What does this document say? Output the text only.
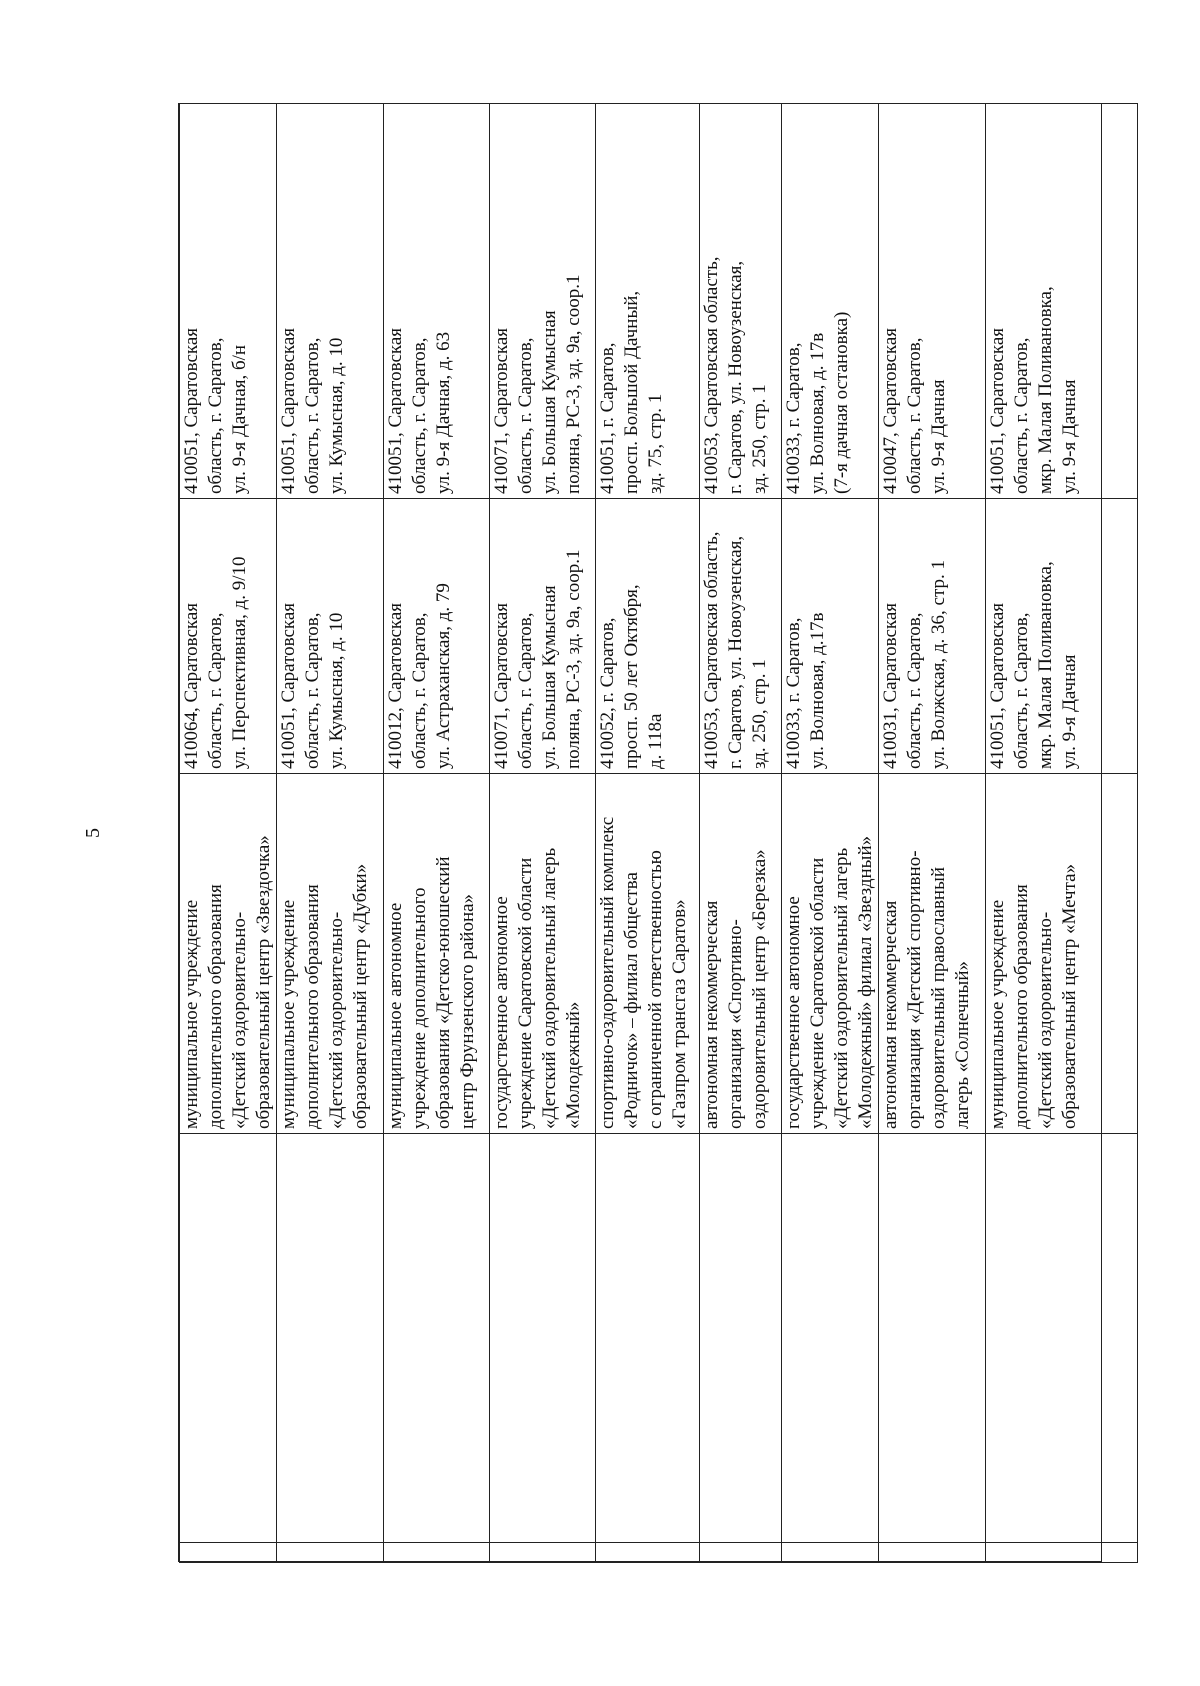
5
		муниципальное учреждение
дополнительного образования
«Детский оздоровительно-
образовательный центр «Звездочка»	410064, Саратовская
область, г. Саратов,
ул. Перспективная, д. 9/10	410051, Саратовская
область, г. Саратов,
ул. 9-я Дачная, б/н
		муниципальное учреждение
дополнительного образования
«Детский оздоровительно-
образовательный центр «Дубки»	410051, Саратовская
область, г. Саратов,
ул. Кумысная, д. 10	410051, Саратовская
область, г. Саратов,
ул. Кумысная, д. 10
		муниципальное автономное
учреждение дополнительного
образования «Детско-юношеский
центр Фрунзенского района»	410012, Саратовская
область, г. Саратов,
ул. Астраханская, д. 79	410051, Саратовская
область, г. Саратов,
ул. 9-я Дачная, д. 63
		государственное автономное
учреждение Саратовской области
«Детский оздоровительный лагерь
«Молодежный»	410071, Саратовская
область, г. Саратов,
ул. Большая Кумысная
поляна, РС-3, зд. 9а, соор.1	410071, Саратовская
область, г. Саратов,
ул. Большая Кумысная
поляна, РС-3, зд. 9а, соор.1
		спортивно-оздоровительный комплекс
«Родничок» – филиал общества
с ограниченной ответственностью
«Газпром трансгаз Саратов»	410052, г. Саратов,
просп. 50 лет Октября,
д. 118а	410051, г. Саратов,
просп. Большой Дачный,
зд. 75, стр. 1
		автономная некоммерческая
организация «Спортивно-
оздоровительный центр «Березка»	410053, Саратовская область,
г. Саратов, ул. Новоузенская,
зд. 250, стр. 1	410053, Саратовская область,
г. Саратов, ул. Новоузенская,
зд. 250, стр. 1
		государственное автономное
учреждение Саратовской области
«Детский оздоровительный лагерь
«Молодежный» филиал «Звездный»	410033, г. Саратов,
ул. Волновая, д.17в	410033, г. Саратов,
ул. Волновая, д. 17в
(7-я дачная остановка)
		автономная некоммерческая
организация «Детский спортивно-
оздоровительный православный
лагерь «Солнечный»	410031, Саратовская
область, г. Саратов,
ул. Волжская, д. 36, стр. 1	410047, Саратовская
область, г. Саратов,
ул. 9-я Дачная
		муниципальное учреждение
дополнительного образования
«Детский оздоровительно-
образовательный центр «Мечта»	410051, Саратовская
область, г. Саратов,
мкр. Малая Поливановка,
ул. 9-я Дачная	410051, Саратовская
область, г. Саратов,
мкр. Малая Поливановка,
ул. 9-я Дачная
